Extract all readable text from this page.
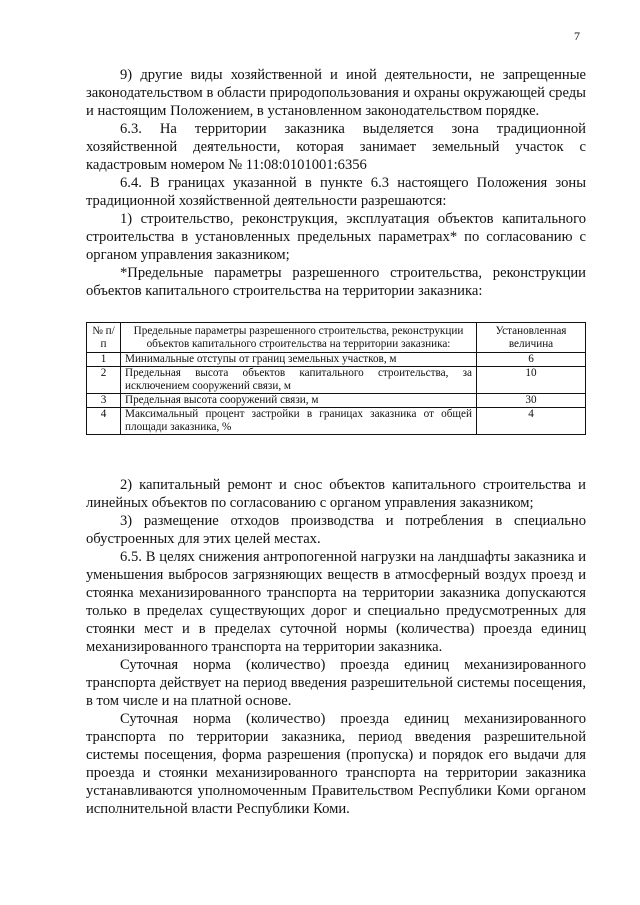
7

9) другие виды хозяйственной и иной деятельности, не запрещенные законодательством в области природопользования и охраны окружающей среды и настоящим Положением, в установленном законодательством порядке.

6.3. На территории заказника выделяется зона традиционной хозяйственной деятельности, которая занимает земельный участок с кадастровым номером № 11:08:0101001:6356

6.4. В границах указанной в пункте 6.3 настоящего Положения зоны традиционной хозяйственной деятельности разрешаются:

1) строительство, реконструкция, эксплуатация объектов капитального строительства в установленных предельных параметрах* по согласованию с органом управления заказником;

*Предельные параметры разрешенного строительства, реконструкции объектов капитального строительства на территории заказника:

№ п/п	Предельные параметры разрешенного строительства, реконструкции объектов капитального строительства на территории заказника:	Установленная величина
1	Минимальные отступы от границ земельных участков, м	6
2	Предельная высота объектов капитального строительства, за исключением сооружений связи, м	10
3	Предельная высота сооружений связи, м	30
4	Максимальный процент застройки в границах заказника от общей площади заказника, %	4

2) капитальный ремонт и снос объектов капитального строительства и линейных объектов по согласованию с органом управления заказником;

3) размещение отходов производства и потребления в специально обустроенных для этих целей местах.

6.5. В целях снижения антропогенной нагрузки на ландшафты заказника и уменьшения выбросов загрязняющих веществ в атмосферный воздух проезд и стоянка механизированного транспорта на территории заказника допускаются только в пределах существующих дорог и специально предусмотренных для стоянки мест и в пределах суточной нормы (количества) проезда единиц механизированного транспорта на территории заказника.

Суточная норма (количество) проезда единиц механизированного транспорта действует на период введения разрешительной системы посещения, в том числе и на платной основе.

Суточная норма (количество) проезда единиц механизированного транспорта по территории заказника, период введения разрешительной системы посещения, форма разрешения (пропуска) и порядок его выдачи для проезда и стоянки механизированного транспорта на территории заказника устанавливаются уполномоченным Правительством Республики Коми органом исполнительной власти Республики Коми.
